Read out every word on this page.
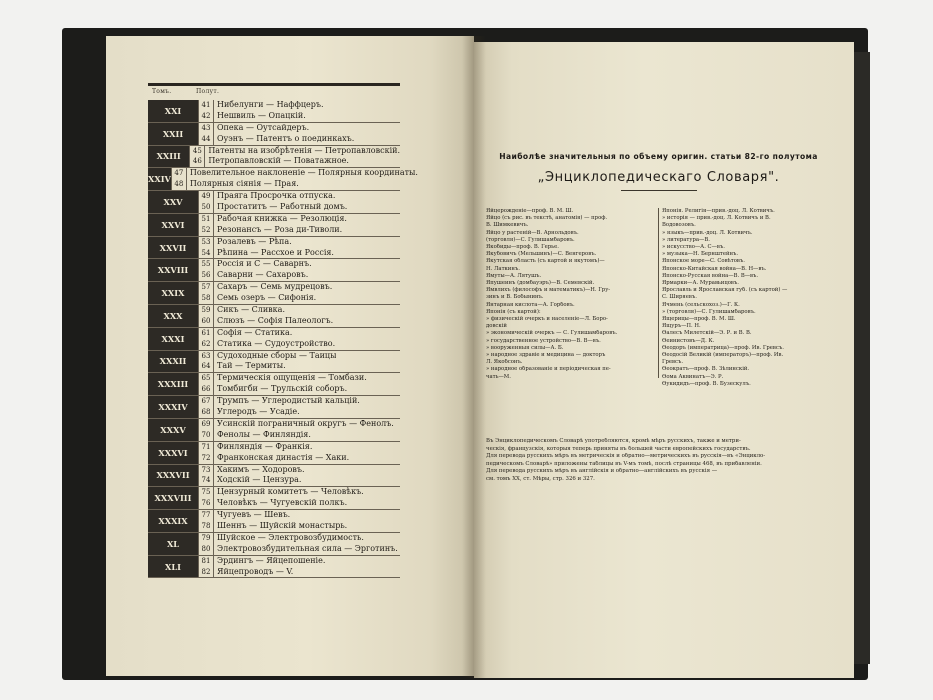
Томъ.	Полут.
XXI
41 Нибелунги — Наффцеръ.
42 Нешвиль — Опацкiй.
XXII
43 Опека — Оутсайдеръ.
44 Оуэнъ — Патентъ о поединкахъ.
XXIII
45 Патенты на изобрѣтенiя — Петропавловскiй.
46 Петропавловскiй — Поватажное.
XXIV
47 Повелительное наклоненiе — Полярныя координаты.
48 Полярныя сiянiя — Прая.
XXV
49 Праяга Просрочка отпуска.
50 Простатитъ — Работный домъ.
XXVI
51 Рабочая книжка — Резолюцiя.
52 Резонансъ — Роза ди-Тиволи.
XXVII
53 Розалевъ — Рѣпа.
54 Рѣпина — Рассхое и Россiя.
XXVIII
55 Россiя и С — Саварнъ.
56 Саварни — Сахаровъ.
XXIX
57 Сахаръ — Семь мудрецовъ.
58 Семь озеръ — Сифонiя.
XXX
59 Сикъ — Сливка.
60 Слюзъ — Софiя Палеологъ.
XXXI
61 Софiя — Статика.
62 Статика — Судоустройство.
XXXII
63 Судоходные сборы — Таицы
64 Тай — Термиты.
XXXIII
65 Термическiя ощущенiя — Томбази.
66 Томбигби — Трульскiй соборъ.
XXXIV
67 Трумпъ — Углеродистый кальцiй.
68 Углеродъ — Усадiе.
XXXV
69 Усинскiй пограничный округъ — Фенолъ.
70 Фенолы — Финляндiя.
XXXVI
71 Финляндiя — Франкiя.
72 Франконская династiя — Хаки.
XXXVII
73 Хакимъ — Ходоровъ.
74 Ходскiй — Цензура.
XXXVIII
75 Цензурный комитетъ — Человѣкъ.
76 Человѣкъ — Чугуевскiй полкъ.
XXXIX
77 Чугуевъ — Шевъ.
78 Шеннъ — Шуйскiй монастырь.
XL
79 Шуйское — Электровозбудимость.
80 Электровозбудительная сила — Эрготинъ.
XLI
81 Эрдингъ — Яйцепошенiе.
82 Яйцепроводъ — V.
Наиболѣе значительныя по объему оригин. статьи 82-го полутома
„Энциклопедическаго Словаря".
Яйцерожденiе—проф. В. М. Ш.
Яйцо (съ рис. въ текстѣ, анатомiя) — проф.
В. Шимкевичъ.
Яйцо у растенiй—В. Арнольдовъ.
(торговля)—С. Гулишамбаровъ.
Якобиды—проф. В. Герье.
Якубовичъ (Мельшинъ)—С. Венгеровъ.
Якутская область (съ картой и якутомъ)—
Н. Латкинъ.
Ямуты—А. Лятушъ.
Япушеинъ (домбауэръ)—В. Семевскiй.
Ямвлихъ (философъ и математикъ)—Н. Гру-
зинъ и В. Бобынинъ.
Янтарная кислота—А. Горбовъ.
Японiя (съ картой):
» физическiй очеркъ и населенiе—Л. Боро-
довскiй
» экономическiй очеркъ — С. Гулишамбаровъ.
» государственное устройство—В. В—въ.
» вооруженныя силы—А. Б.
» народное здравiе и медицина — докторъ
Л. Якобсонъ.
» народное образованiе и перiодическая пе-
чать—М.
Японiя. Религiя—прив.-доц. Л. Котвичъ.
» исторiя — прив.-доц. Л. Котвичъ и В.
Водовозовъ.
» языкъ—прив.-доц. Л. Котвичъ.
» литература—В.
» искусство—А. С—въ.
» музыка—Н. Бернштейнъ.
Японское море—С. Совѣтовъ.
Японско-Китайская война—В. Н—въ.
Японско-Русская война—В. В—въ.
Ярмарки—А. Муравьицовъ.
Ярославль и Ярославская губ. (съ картой) —
С. Ширяевъ.
Ячмень (сельскохоз.)—Г. К.
» (торговля)—С. Гулишамбаровъ.
Ящерицы—проф. В. М. Ш.
Ящуръ—П. Н.
Ѳалесъ Милетскiй—Э. Р. и В. В.
Ѳеинистовъ—Д. К.
Ѳеодоръ (императрица)—проф. Ив. Гревсъ.
Ѳеодосiй Великiй (императоръ)—проф. Ив.
Гревсъ.
Ѳеократъ—проф. В. Зѣлинскiй.
Ѳома Аквинатъ—Э. Р.
Ѳукидидъ—проф. В. Бузескулъ.
Въ Энциклопедическомъ Словарѣ употребляются, кромѣ мѣръ русскихъ, также и метри-
ческiя, французскiя, которыя теперь приняты въ большей части европейскихъ государствъ.
Для перевода русскихъ мѣръ въ метрическiя и обратно—метрическихъ въ русскiя—въ «Энцикло-
педическомъ Словарѣ» приложены таблицы въ V-мъ томѣ, послѣ страницы 468, въ прибавленiи.
Для перевода русскихъ мѣръ въ англiйскiя и обратно—англiйскихъ въ русскiя —
см. томъ XX, ст. Мѣры, стр. 326 и 327.
